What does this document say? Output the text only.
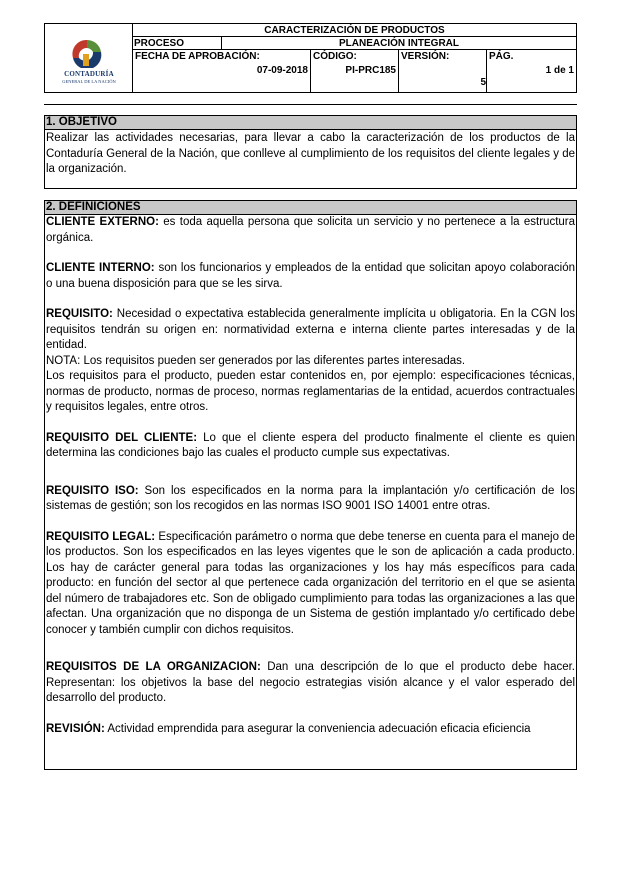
CONTADURÍA
GENERAL DE LA NACIÓN
CARACTERIZACIÓN DE PRODUCTOS
PROCESO	PLANEACIÓN INTEGRAL
FECHA DE APROBACIÓN:
07-09-2018
CÓDIGO:
PI-PRC185
VERSIÓN:
5
PÁG.
1 de 1
1. OBJETIVO

Realizar las actividades necesarias, para llevar a cabo la caracterización de los productos de la Contaduría General de la Nación, que conlleve al cumplimiento de los requisitos del cliente legales y de la organización.

2. DEFINICIONES

CLIENTE EXTERNO: es toda aquella persona que solicita un servicio y no pertenece a la estructura orgánica.

CLIENTE INTERNO: son los funcionarios y empleados de la entidad que solicitan apoyo colaboración o una buena disposición para que se les sirva.

REQUISITO: Necesidad o expectativa establecida generalmente implícita u obligatoria. En la CGN los requisitos tendrán su origen en: normatividad externa e interna cliente partes interesadas y de la entidad.

NOTA: Los requisitos pueden ser generados por las diferentes partes interesadas.

Los requisitos para el producto, pueden estar contenidos en, por ejemplo: especificaciones técnicas, normas de producto, normas de proceso, normas reglamentarias de la entidad, acuerdos contractuales y requisitos legales, entre otros.

REQUISITO DEL CLIENTE: Lo que el cliente espera del producto finalmente el cliente es quien determina las condiciones bajo las cuales el producto cumple sus expectativas.

REQUISITO ISO: Son los especificados en la norma para la implantación y/o certificación de los sistemas de gestión; son los recogidos en las normas ISO 9001 ISO 14001 entre otras.

REQUISITO LEGAL: Especificación parámetro o norma que debe tenerse en cuenta para el manejo de los productos. Son los especificados en las leyes vigentes que le son de aplicación a cada producto. Los hay de carácter general para todas las organizaciones y los hay más específicos para cada producto: en función del sector al que pertenece cada organización del territorio en el que se asienta del número de trabajadores etc. Son de obligado cumplimiento para todas las organizaciones a las que afectan. Una organización que no disponga de un Sistema de gestión implantado y/o certificado debe conocer y también cumplir con dichos requisitos.

REQUISITOS DE LA ORGANIZACION: Dan una descripción de lo que el producto debe hacer. Representan: los objetivos la base del negocio estrategias visión alcance y el valor esperado del desarrollo del producto.

REVISIÓN: Actividad emprendida para asegurar la conveniencia adecuación eficacia eficiencia
